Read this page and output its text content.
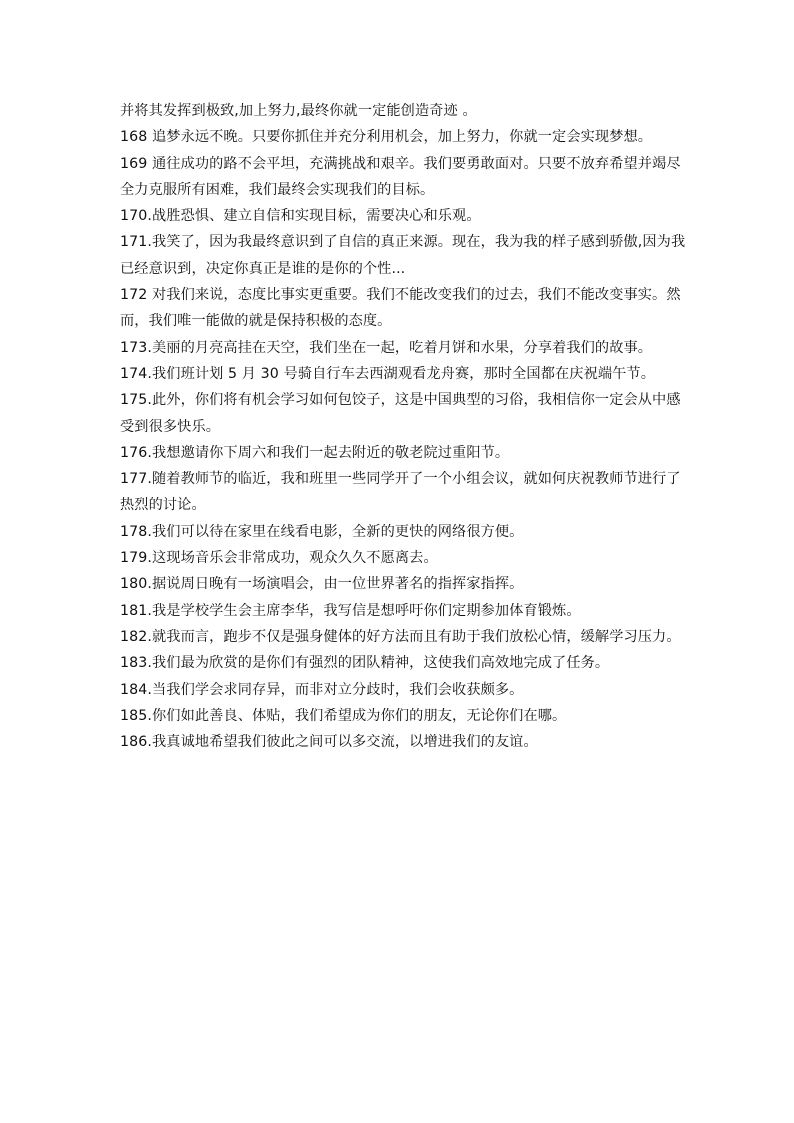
并将其发挥到极致,加上努力,最终你就一定能创造奇迹 。

168 追梦永远不晚。只要你抓住并充分利用机会，加上努力，你就一定会实现梦想。

169 通往成功的路不会平坦，充满挑战和艰辛。我们要勇敢面对。只要不放弃希望并竭尽全力克服所有困难，我们最终会实现我们的目标。

170.战胜恐惧、建立自信和实现目标，需要决心和乐观。

171.我笑了，因为我最终意识到了自信的真正来源。现在，我为我的样子感到骄傲,因为我已经意识到，决定你真正是谁的是你的个性...

172 对我们来说，态度比事实更重要。我们不能改变我们的过去，我们不能改变事实。然而，我们唯一能做的就是保持积极的态度。

173.美丽的月亮高挂在天空，我们坐在一起，吃着月饼和水果，分享着我们的故事。

174.我们班计划 5 月 30 号骑自行车去西湖观看龙舟赛，那时全国都在庆祝端午节。

175.此外，你们将有机会学习如何包饺子，这是中国典型的习俗，我相信你一定会从中感受到很多快乐。

176.我想邀请你下周六和我们一起去附近的敬老院过重阳节。

177.随着教师节的临近，我和班里一些同学开了一个小组会议，就如何庆祝教师节进行了热烈的讨论。

178.我们可以待在家里在线看电影，全新的更快的网络很方便。

179.这现场音乐会非常成功，观众久久不愿离去。

180.据说周日晚有一场演唱会，由一位世界著名的指挥家指挥。

181.我是学校学生会主席李华，我写信是想呼吁你们定期参加体育锻炼。

182.就我而言，跑步不仅是强身健体的好方法而且有助于我们放松心情，缓解学习压力。

183.我们最为欣赏的是你们有强烈的团队精神，这使我们高效地完成了任务。

184.当我们学会求同存异，而非对立分歧时，我们会收获颇多。

185.你们如此善良、体贴，我们希望成为你们的朋友，无论你们在哪。

186.我真诚地希望我们彼此之间可以多交流，以增进我们的友谊。
